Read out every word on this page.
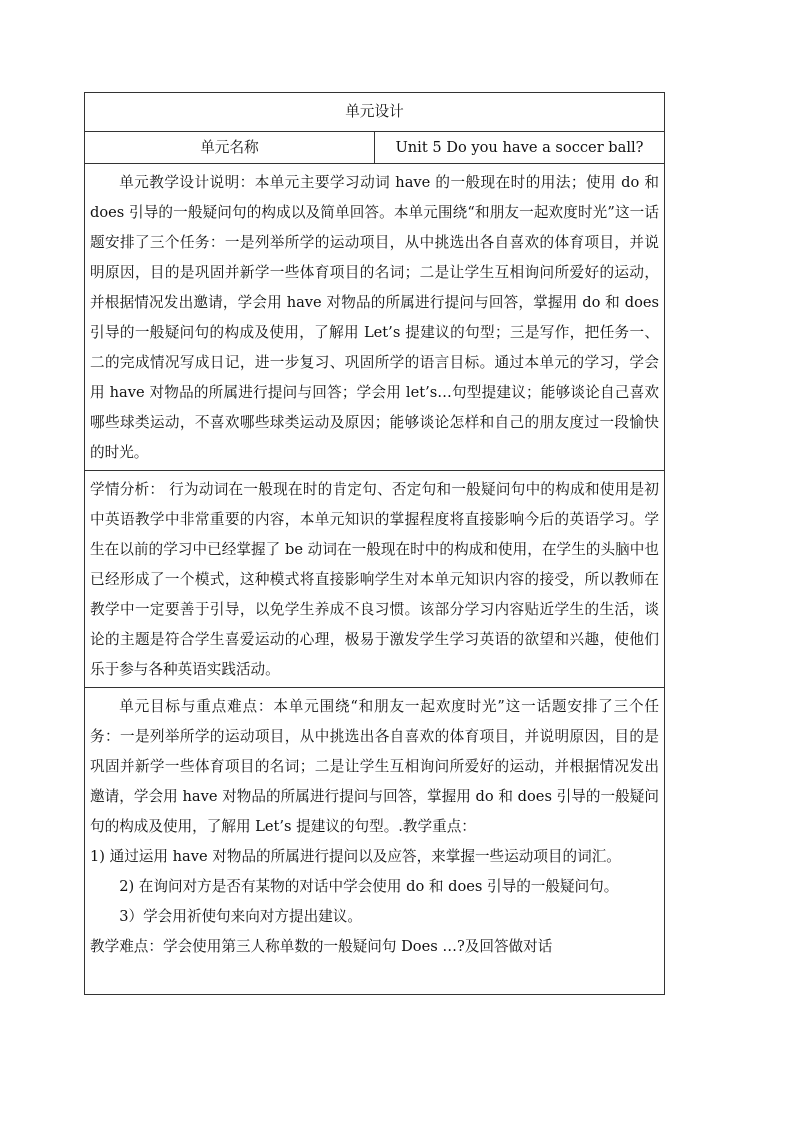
单元设计
单元名称	Unit 5 Do you have a soccer ball?

单元教学设计说明：本单元主要学习动词 have 的一般现在时的用法；使用 do 和 does 引导的一般疑问句的构成以及简单回答。本单元围绕“和朋友一起欢度时光”这一话题安排了三个任务：一是列举所学的运动项目，从中挑选出各自喜欢的体育项目，并说明原因，目的是巩固并新学一些体育项目的名词；二是让学生互相询问所爱好的运动，并根据情况发出邀请，学会用 have 对物品的所属进行提问与回答，掌握用 do 和 does 引导的一般疑问句的构成及使用，了解用 Let’s 提建议的句型；三是写作，把任务一、二的完成情况写成日记，进一步复习、巩固所学的语言目标。通过本单元的学习，学会用 have 对物品的所属进行提问与回答；学会用 let’s…句型提建议；能够谈论自己喜欢哪些球类运动，不喜欢哪些球类运动及原因；能够谈论怎样和自己的朋友度过一段愉快的时光。

学情分析： 行为动词在一般现在时的肯定句、否定句和一般疑问句中的构成和使用是初中英语教学中非常重要的内容，本单元知识的掌握程度将直接影响今后的英语学习。学生在以前的学习中已经掌握了 be 动词在一般现在时中的构成和使用，在学生的头脑中也已经形成了一个模式，这种模式将直接影响学生对本单元知识内容的接受，所以教师在教学中一定要善于引导，以免学生养成不良习惯。该部分学习内容贴近学生的生活，谈论的主题是符合学生喜爱运动的心理，极易于激发学生学习英语的欲望和兴趣，使他们乐于参与各种英语实践活动。

单元目标与重点难点：本单元围绕“和朋友一起欢度时光”这一话题安排了三个任务：一是列举所学的运动项目，从中挑选出各自喜欢的体育项目，并说明原因，目的是巩固并新学一些体育项目的名词；二是让学生互相询问所爱好的运动，并根据情况发出邀请，学会用 have 对物品的所属进行提问与回答，掌握用 do 和 does 引导的一般疑问句的构成及使用，了解用 Let’s 提建议的句型。.教学重点：

1) 通过运用 have 对物品的所属进行提问以及应答，来掌握一些运动项目的词汇。

2) 在询问对方是否有某物的对话中学会使用 do 和 does 引导的一般疑问句。

3）学会用祈使句来向对方提出建议。

教学难点：学会使用第三人称单数的一般疑问句 Does …?及回答做对话
